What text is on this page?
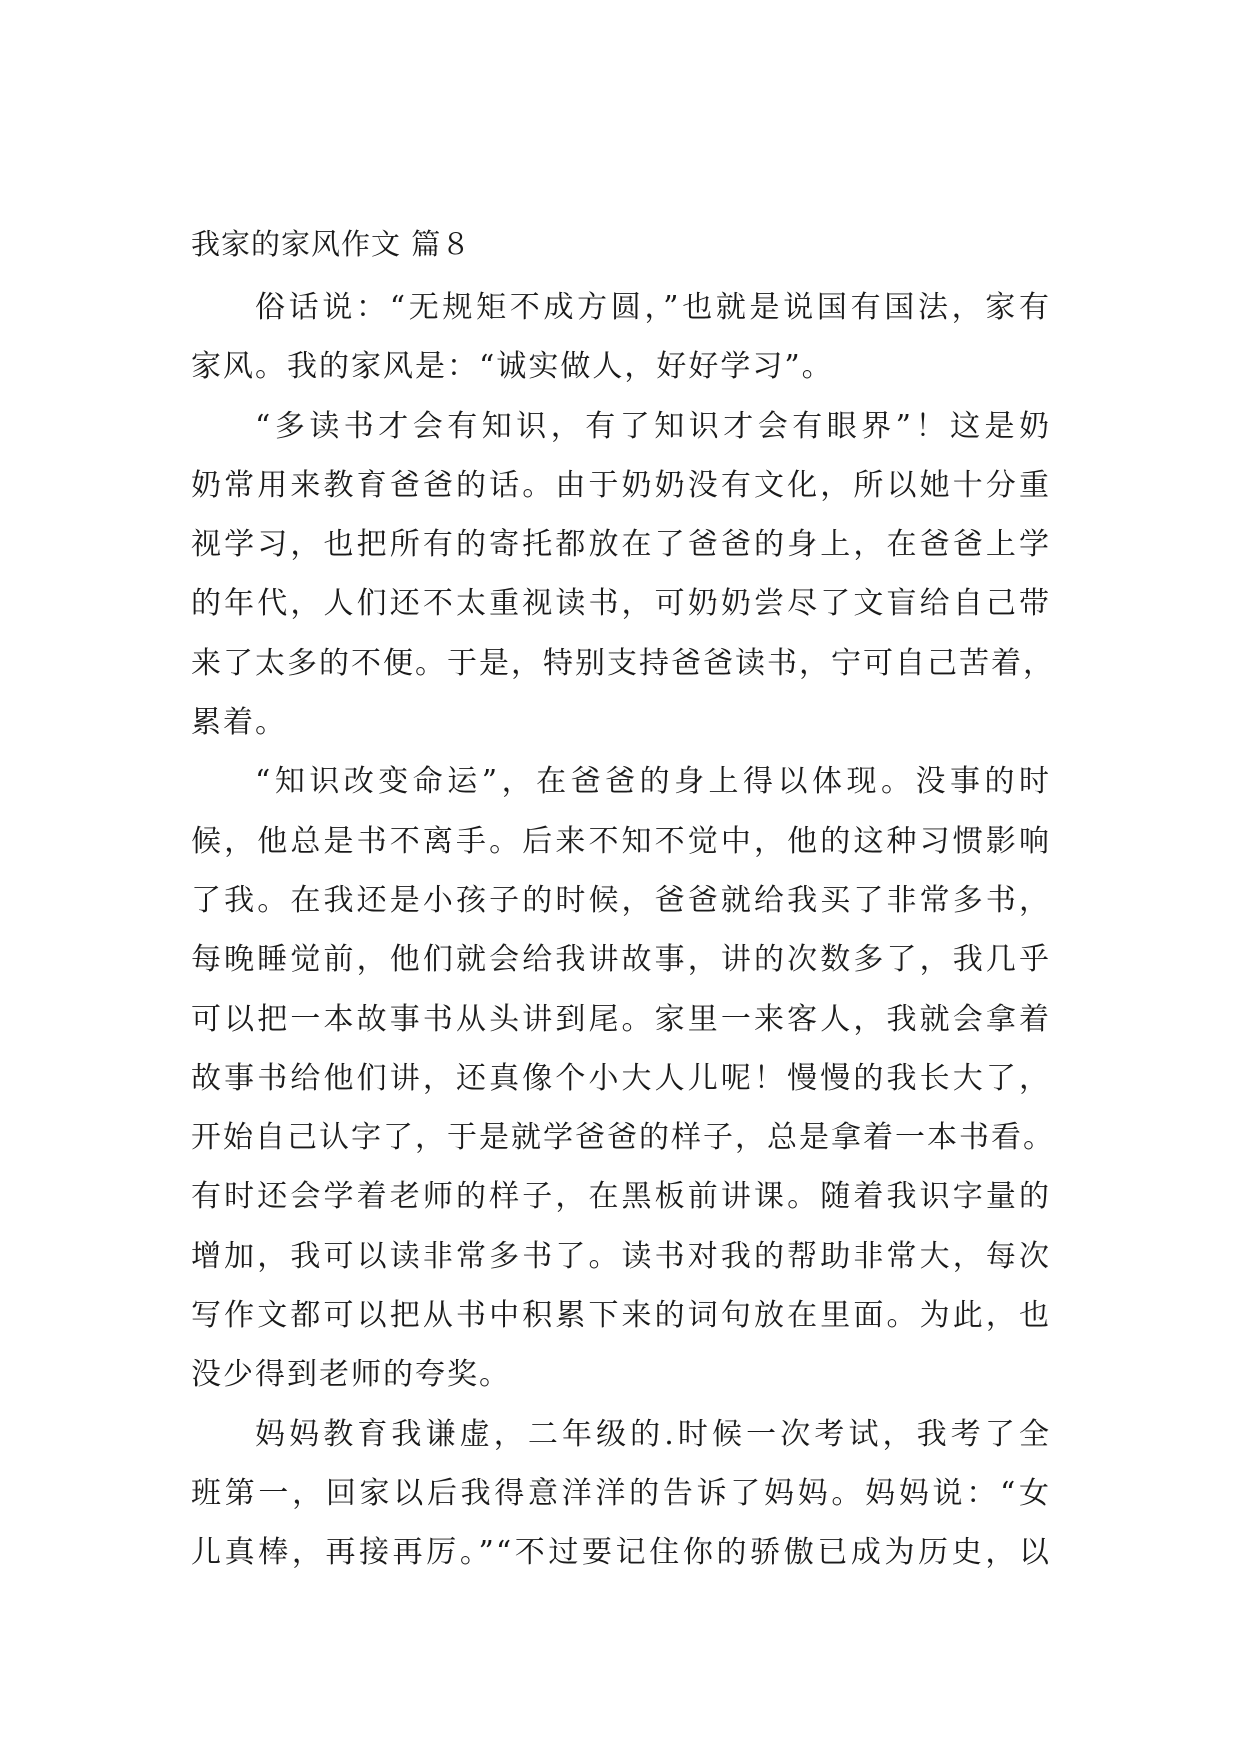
我家的家风作文 篇８
俗话说：“无规矩不成方圆，”也就是说国有国法，家有
家风。我的家风是：“诚实做人，好好学习”。
“多读书才会有知识，有了知识才会有眼界”！这是奶
奶常用来教育爸爸的话。由于奶奶没有文化，所以她十分重
视学习，也把所有的寄托都放在了爸爸的身上，在爸爸上学
的年代，人们还不太重视读书，可奶奶尝尽了文盲给自己带
来了太多的不便。于是，特别支持爸爸读书，宁可自己苦着，
累着。
“知识改变命运”，在爸爸的身上得以体现。没事的时
候，他总是书不离手。后来不知不觉中，他的这种习惯影响
了我。在我还是小孩子的时候，爸爸就给我买了非常多书，
每晚睡觉前，他们就会给我讲故事，讲的次数多了，我几乎
可以把一本故事书从头讲到尾。家里一来客人，我就会拿着
故事书给他们讲，还真像个小大人儿呢！慢慢的我长大了，
开始自己认字了，于是就学爸爸的样子，总是拿着一本书看。
有时还会学着老师的样子，在黑板前讲课。随着我识字量的
增加，我可以读非常多书了。读书对我的帮助非常大，每次
写作文都可以把从书中积累下来的词句放在里面。为此，也
没少得到老师的夸奖。
妈妈教育我谦虚，二年级的.时候一次考试，我考了全
班第一，回家以后我得意洋洋的告诉了妈妈。妈妈说：“女
儿真棒，再接再厉。”“不过要记住你的骄傲已成为历史，以
